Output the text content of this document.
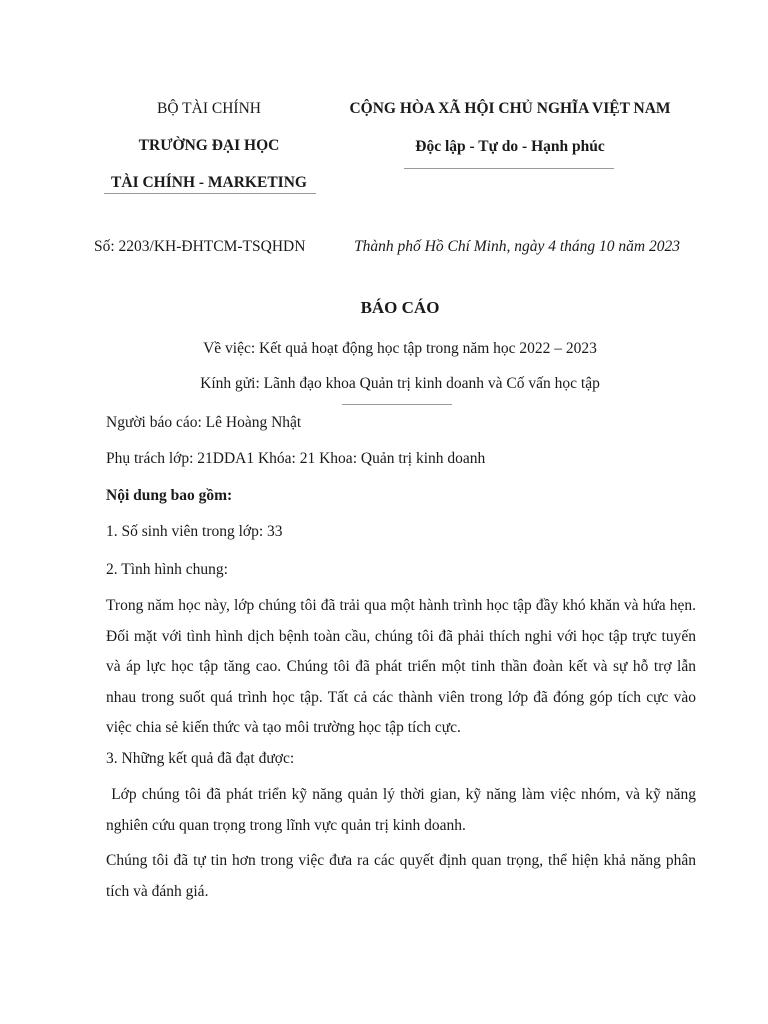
BỘ TÀI CHÍNH
TRƯỜNG ĐẠI HỌC
TÀI CHÍNH - MARKETING
CỘNG HÒA XÃ HỘI CHỦ NGHĨA VIỆT NAM
Độc lập - Tự do - Hạnh phúc
Số: 2203/KH-ĐHTCM-TSQHDN	Thành phố Hồ Chí Minh, ngày 4 tháng 10 năm 2023
BÁO CÁO
Về việc: Kết quả hoạt động học tập trong năm học 2022 – 2023
Kính gửi: Lãnh đạo khoa Quản trị kinh doanh và Cố vấn học tập
Người báo cáo: Lê Hoàng Nhật
Phụ trách lớp: 21DDA1 Khóa: 21 Khoa: Quản trị kinh doanh
Nội dung bao gồm:
1. Số sinh viên trong lớp: 33
2. Tình hình chung:
Trong năm học này, lớp chúng tôi đã trải qua một hành trình học tập đầy khó khăn và hứa hẹn. Đối mặt với tình hình dịch bệnh toàn cầu, chúng tôi đã phải thích nghi với học tập trực tuyến và áp lực học tập tăng cao. Chúng tôi đã phát triển một tinh thần đoàn kết và sự hỗ trợ lẫn nhau trong suốt quá trình học tập. Tất cả các thành viên trong lớp đã đóng góp tích cực vào việc chia sẻ kiến thức và tạo môi trường học tập tích cực.
3. Những kết quả đã đạt được:
Lớp chúng tôi đã phát triển kỹ năng quản lý thời gian, kỹ năng làm việc nhóm, và kỹ năng nghiên cứu quan trọng trong lĩnh vực quản trị kinh doanh.
Chúng tôi đã tự tin hơn trong việc đưa ra các quyết định quan trọng, thể hiện khả năng phân tích và đánh giá.
